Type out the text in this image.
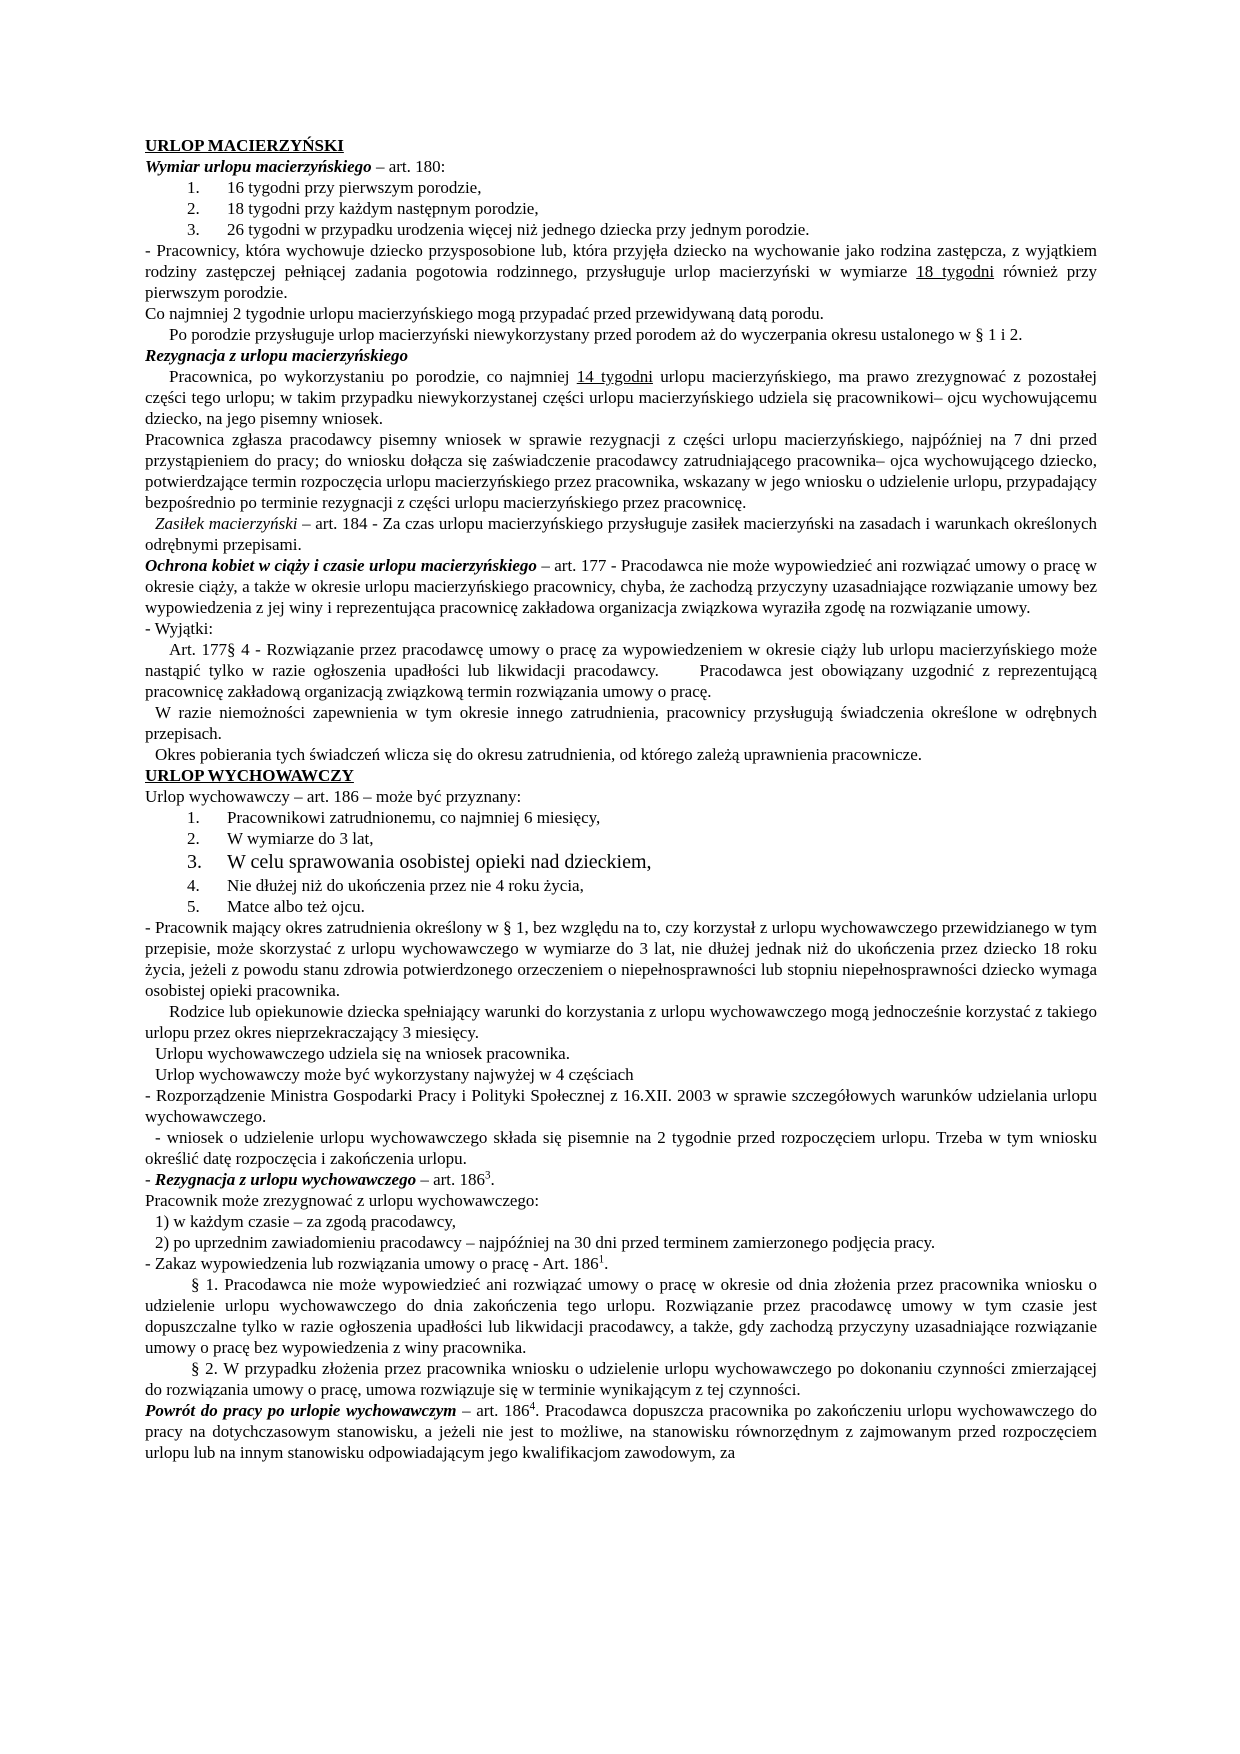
URLOP MACIERZYŃSKI
Wymiar urlopu macierzyńskiego – art. 180:
1.	16 tygodni przy pierwszym porodzie,
2.	18 tygodni przy każdym następnym porodzie,
3.	26 tygodni w przypadku urodzenia więcej niż jednego dziecka przy jednym porodzie.
- Pracownicy, która wychowuje dziecko przysposobione lub, która przyjęła dziecko na wychowanie jako rodzina zastępcza, z wyjątkiem rodziny zastępczej pełniącej zadania pogotowia rodzinnego, przysługuje urlop macierzyński w wymiarze 18 tygodni również przy pierwszym porodzie.
Co najmniej 2 tygodnie urlopu macierzyńskiego mogą przypadać przed przewidywaną datą porodu.
Po porodzie przysługuje urlop macierzyński niewykorzystany przed porodem aż do wyczerpania okresu ustalonego w § 1 i 2.
Rezygnacja z urlopu macierzyńskiego
Pracownica, po wykorzystaniu po porodzie, co najmniej 14 tygodni urlopu macierzyńskiego, ma prawo zrezygnować z pozostałej części tego urlopu; w takim przypadku niewykorzystanej części urlopu macierzyńskiego udziela się pracownikowi– ojcu wychowującemu dziecko, na jego pisemny wniosek.
Pracownica zgłasza pracodawcy pisemny wniosek w sprawie rezygnacji z części urlopu macierzyńskiego, najpóźniej na 7 dni przed przystąpieniem do pracy; do wniosku dołącza się zaświadczenie pracodawcy zatrudniającego pracownika– ojca wychowującego dziecko, potwierdzające termin rozpoczęcia urlopu macierzyńskiego przez pracownika, wskazany w jego wniosku o udzielenie urlopu, przypadający bezpośrednio po terminie rezygnacji z części urlopu macierzyńskiego przez pracownicę.
Zasiłek macierzyński – art. 184 - Za czas urlopu macierzyńskiego przysługuje zasiłek macierzyński na zasadach i warunkach określonych odrębnymi przepisami.
Ochrona kobiet w ciąży i czasie urlopu macierzyńskiego – art. 177 - Pracodawca nie może wypowiedzieć ani rozwiązać umowy o pracę w okresie ciąży, a także w okresie urlopu macierzyńskiego pracownicy, chyba, że zachodzą przyczyny uzasadniające rozwiązanie umowy bez wypowiedzenia z jej winy i reprezentująca pracownicę zakładowa organizacja związkowa wyraziła zgodę na rozwiązanie umowy.
- Wyjątki:
Art. 177§ 4 - Rozwiązanie przez pracodawcę umowy o pracę za wypowiedzeniem w okresie ciąży lub urlopu macierzyńskiego może nastąpić tylko w razie ogłoszenia upadłości lub likwidacji pracodawcy.     Pracodawca jest obowiązany uzgodnić z reprezentującą pracownicę zakładową organizacją związkową termin rozwiązania umowy o pracę.
W razie niemożności zapewnienia w tym okresie innego zatrudnienia, pracownicy przysługują świadczenia określone w odrębnych przepisach.
Okres pobierania tych świadczeń wlicza się do okresu zatrudnienia, od którego zależą uprawnienia pracownicze.
URLOP WYCHOWAWCZY
Urlop wychowawczy – art. 186 – może być przyznany:
1.	Pracownikowi zatrudnionemu, co najmniej 6 miesięcy,
2.	W wymiarze do 3 lat,
3.	W celu sprawowania osobistej opieki nad dzieckiem,
4.	Nie dłużej niż do ukończenia przez nie 4 roku życia,
5.	Matce albo też ojcu.
- Pracownik mający okres zatrudnienia określony w § 1, bez względu na to, czy korzystał z urlopu wychowawczego przewidzianego w tym przepisie, może skorzystać z urlopu wychowawczego w wymiarze do 3 lat, nie dłużej jednak niż do ukończenia przez dziecko 18 roku życia, jeżeli z powodu stanu zdrowia potwierdzonego orzeczeniem o niepełnosprawności lub stopniu niepełnosprawności dziecko wymaga osobistej opieki pracownika.
Rodzice lub opiekunowie dziecka spełniający warunki do korzystania z urlopu wychowawczego mogą jednocześnie korzystać z takiego urlopu przez okres nieprzekraczający 3 miesięcy.
Urlopu wychowawczego udziela się na wniosek pracownika.
Urlop wychowawczy może być wykorzystany najwyżej w 4 częściach
- Rozporządzenie Ministra Gospodarki Pracy i Polityki Społecznej z 16.XII. 2003 w sprawie szczegółowych warunków udzielania urlopu wychowawczego.
- wniosek o udzielenie urlopu wychowawczego składa się pisemnie na 2 tygodnie przed rozpoczęciem urlopu. Trzeba w tym wniosku określić datę rozpoczęcia i zakończenia urlopu.
- Rezygnacja z urlopu wychowawczego – art. $186^3$.
Pracownik może zrezygnować z urlopu wychowawczego:
1) w każdym czasie – za zgodą pracodawcy,
2) po uprzednim zawiadomieniu pracodawcy – najpóźniej na 30 dni przed terminem zamierzonego podjęcia pracy.
- Zakaz wypowiedzenia lub rozwiązania umowy o pracę - Art. $186^1$.
§ 1. Pracodawca nie może wypowiedzieć ani rozwiązać umowy o pracę w okresie od dnia złożenia przez pracownika wniosku o udzielenie urlopu wychowawczego do dnia zakończenia tego urlopu. Rozwiązanie przez pracodawcę umowy w tym czasie jest dopuszczalne tylko w razie ogłoszenia upadłości lub likwidacji pracodawcy, a także, gdy zachodzą przyczyny uzasadniające rozwiązanie umowy o pracę bez wypowiedzenia z winy pracownika.
§ 2. W przypadku złożenia przez pracownika wniosku o udzielenie urlopu wychowawczego po dokonaniu czynności zmierzającej do rozwiązania umowy o pracę, umowa rozwiązuje się w terminie wynikającym z tej czynności.
Powrót do pracy po urlopie wychowawczym – art. $186^4$. Pracodawca dopuszcza pracownika po zakończeniu urlopu wychowawczego do pracy na dotychczasowym stanowisku, a jeżeli nie jest to możliwe, na stanowisku równorzędnym z zajmowanym przed rozpoczęciem urlopu lub na innym stanowisku odpowiadającym jego kwalifikacjom zawodowym, za
